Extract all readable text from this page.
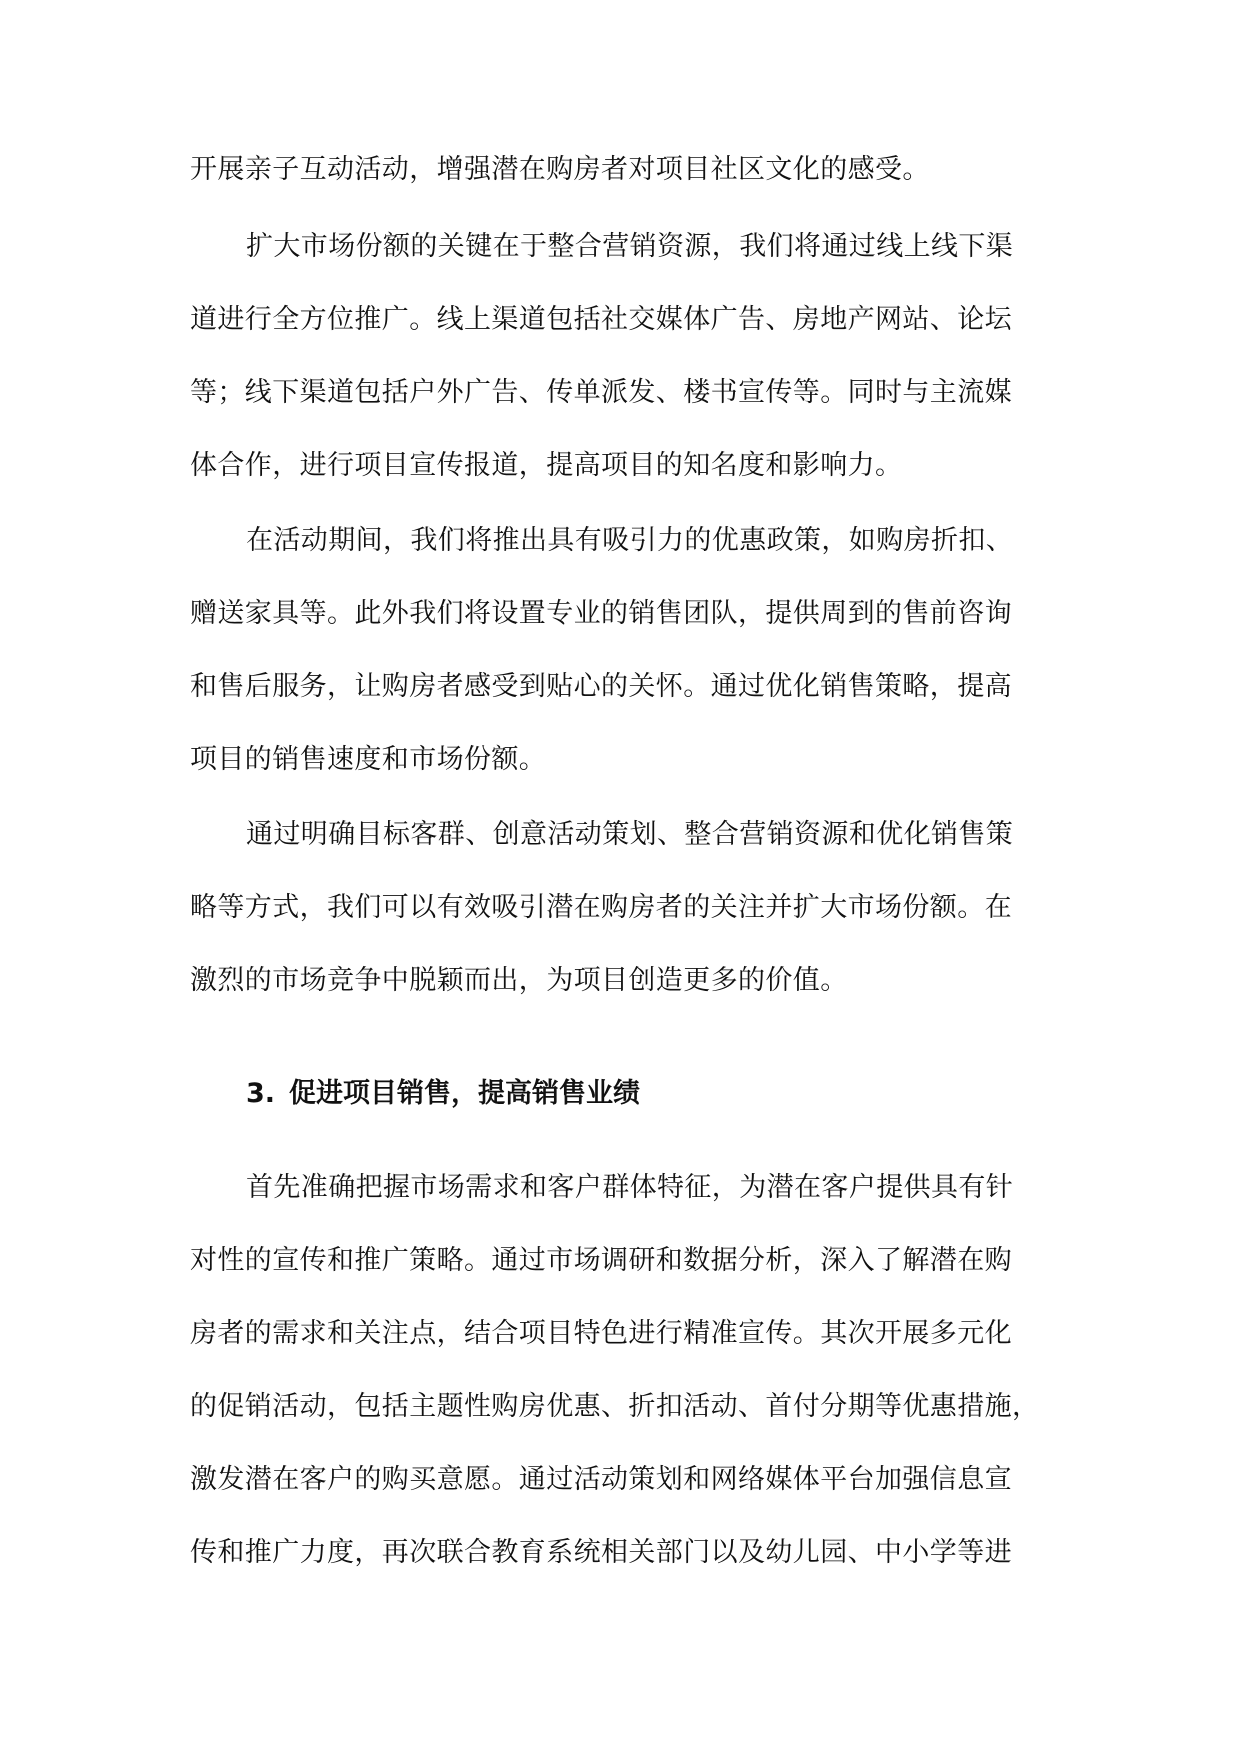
开展亲子互动活动，增强潜在购房者对项目社区文化的感受。
扩大市场份额的关键在于整合营销资源，我们将通过线上线下渠
道进行全方位推广。线上渠道包括社交媒体广告、房地产网站、论坛
等；线下渠道包括户外广告、传单派发、楼书宣传等。同时与主流媒
体合作，进行项目宣传报道，提高项目的知名度和影响力。
在活动期间，我们将推出具有吸引力的优惠政策，如购房折扣、
赠送家具等。此外我们将设置专业的销售团队，提供周到的售前咨询
和售后服务，让购房者感受到贴心的关怀。通过优化销售策略，提高
项目的销售速度和市场份额。
通过明确目标客群、创意活动策划、整合营销资源和优化销售策
略等方式，我们可以有效吸引潜在购房者的关注并扩大市场份额。在
激烈的市场竞争中脱颖而出，为项目创造更多的价值。
3. 促进项目销售，提高销售业绩
首先准确把握市场需求和客户群体特征，为潜在客户提供具有针
对性的宣传和推广策略。通过市场调研和数据分析，深入了解潜在购
房者的需求和关注点，结合项目特色进行精准宣传。其次开展多元化
的促销活动，包括主题性购房优惠、折扣活动、首付分期等优惠措施，
激发潜在客户的购买意愿。通过活动策划和网络媒体平台加强信息宣
传和推广力度，再次联合教育系统相关部门以及幼儿园、中小学等进
